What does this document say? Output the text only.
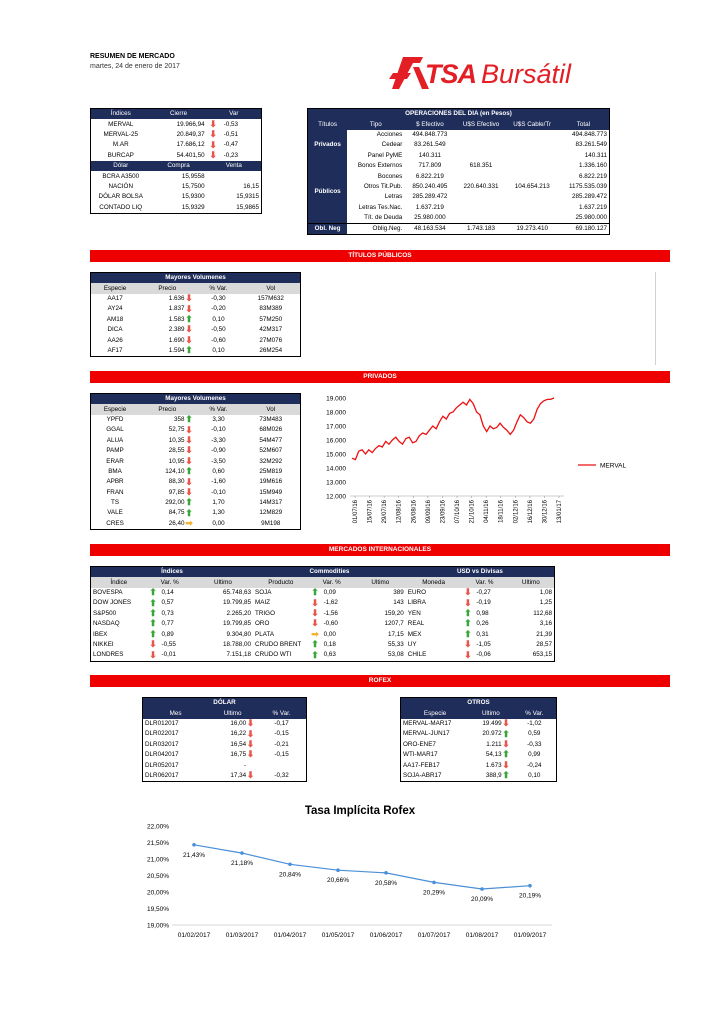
RESUMEN DE MERCADO
martes, 24 de enero de 2017	TSA Bursátil
Índices	Cierre	Var
MERVAL	19.966,94	⬇ -0,53
MERVAL-25	20.849,37	⬇ -0,51
M.AR	17.686,12	⬇ -0,47
BURCAP	54.401,50	⬇ -0,23
Dólar	Compra	Venta
BCRA A3500	15,9558	
NACIÓN	15,7500	16,15
DÓLAR BOLSA	15,9300	15,9315
CONTADO LIQ	15,9329	15,9865
OPERACIONES DEL DIA (en Pesos)					
Títulos	Tipo	$ Efectivo	U$S Efectivo	U$S Cable/Tr	Total
Privados	Acciones	494.848.773			494.848.773
	Cedear	83.261.549			83.261.549
	Panel PyME	140.311			140.311
Públicos	Bonos Externos	717.809	618.351		1.336.160
	Bocones	6.822.219			6.822.219
	Otros Tit.Pub.	850.240.495	220.640.331	104.654.213	1175.535.039
	Letras	285.289.472			285.289.472
	Letras Tes.Nac.	1.637.219			1.637.219
	Tít. de Deuda	25.980.000			25.980.000
Obl. Neg	Oblig.Neg.	48.163.534	1.743.183	19.273.410	69.180.127
TÍTULOS PÚBLICOS
Mayores Volumenes			
Especie	Precio	% Var.	Vol
AA17	1.636⬇	-0,30	157M632
AY24	1.837⬇	-0,20	83M389
AM18	1.583⬆	0,10	57M250
DICA	2.389⬇	-0,50	42M317
AA26	1.690⬇	-0,60	27M076
AF17	1.594⬆	0,10	26M254
PRIVADOS
Mayores Volumenes			
Especie	Precio	% Var.	Vol
YPFD	358⬆	3,30	73M483
GGAL	52,75⬇	-0,10	68M026
ALUA	10,35⬇	-3,30	54M477
PAMP	28,55⬇	-0,90	52M607
ERAR	10,95⬇	-3,50	32M292
BMA	124,10⬆	0,60	25M819
APBR	88,30⬇	-1,60	19M616
FRAN	97,85⬇	-0,10	15M949
TS	292,00⬆	1,70	14M317
VALE	84,75⬆	1,30	12M829
CRES	26,40➡	0,00	9M198
19.000
18.000
17.000
16.000
15.000
14.000
13.000
12.000
01/07/16 15/07/16 29/07/16 12/08/16 26/08/16 09/09/16 23/09/16 07/10/16 21/10/16 04/11/16 18/11/16 02/12/16 16/12/16 30/12/16 13/01/17
MERVAL
MERCADOS INTERNACIONALES
Índices			Commodities			USD vs Divisas		
Índice	Var. %	Ultimo	Producto	Var. %	Ultimo	Moneda	Var. %	Ultimo
BOVESPA	⬆ 0,14	65.748,63	SOJA	⬆ 0,09	389	EURO	⬇ -0,27	1,08
DOW JONES	⬆ 0,57	19.799,85	MAIZ	⬇ -1,62	143	LIBRA	⬇ -0,19	1,25
S&P500	⬆ 0,73	2.265,20	TRIGO	⬇ -1,56	159,20	YEN	⬆ 0,98	112,68
NASDAQ	⬆ 0,77	19.799,85	ORO	⬇ -0,60	1207,7	REAL	⬆ 0,26	3,16
IBEX	⬆ 0,89	9.304,80	PLATA	➡ 0,00	17,15	MEX	⬆ 0,31	21,39
NIKKEI	⬇ -0,55	18.788,00	CRUDO BRENT	⬆ 0,18	55,33	UY	⬇ -1,05	28,57
LONDRES	⬇ -0,01	7.151,18	CRUDO WTI	⬆ 0,63	53,08	CHILE	⬇ -0,06	653,15
ROFEX
DÓLAR		
Mes	Ultimo	% Var.
DLR012017	16,00⬇	-0,17
DLR022017	16,22⬇	-0,15
DLR032017	16,54⬇	-0,21
DLR042017	16,75⬇	-0,15
DLR052017	-	
DLR062017	17,34⬇	-0,32
OTROS		
Especie	Ultimo	% Var.
MERVAL-MAR17	19.499⬇	-1,02
MERVAL-JUN17	20.972⬆	0,59
ORO-ENE7	1.211⬇	-0,33
WTI-MAR17	54,13⬆	0,99
AA17-FEB17	1.673⬇	-0,24
SOJA-ABR17	388,9⬆	0,10
Tasa Implícita Rofex
22,00%
21,50%
21,00%
20,50%
20,00%
19,50%
19,00%
01/02/2017 01/03/2017 01/04/2017 01/05/2017 01/06/2017 01/07/2017 01/08/2017 01/09/2017
21,43%
21,18%
20,84%
20,66%	20,58%
20,29%
20,09%	20,19%
